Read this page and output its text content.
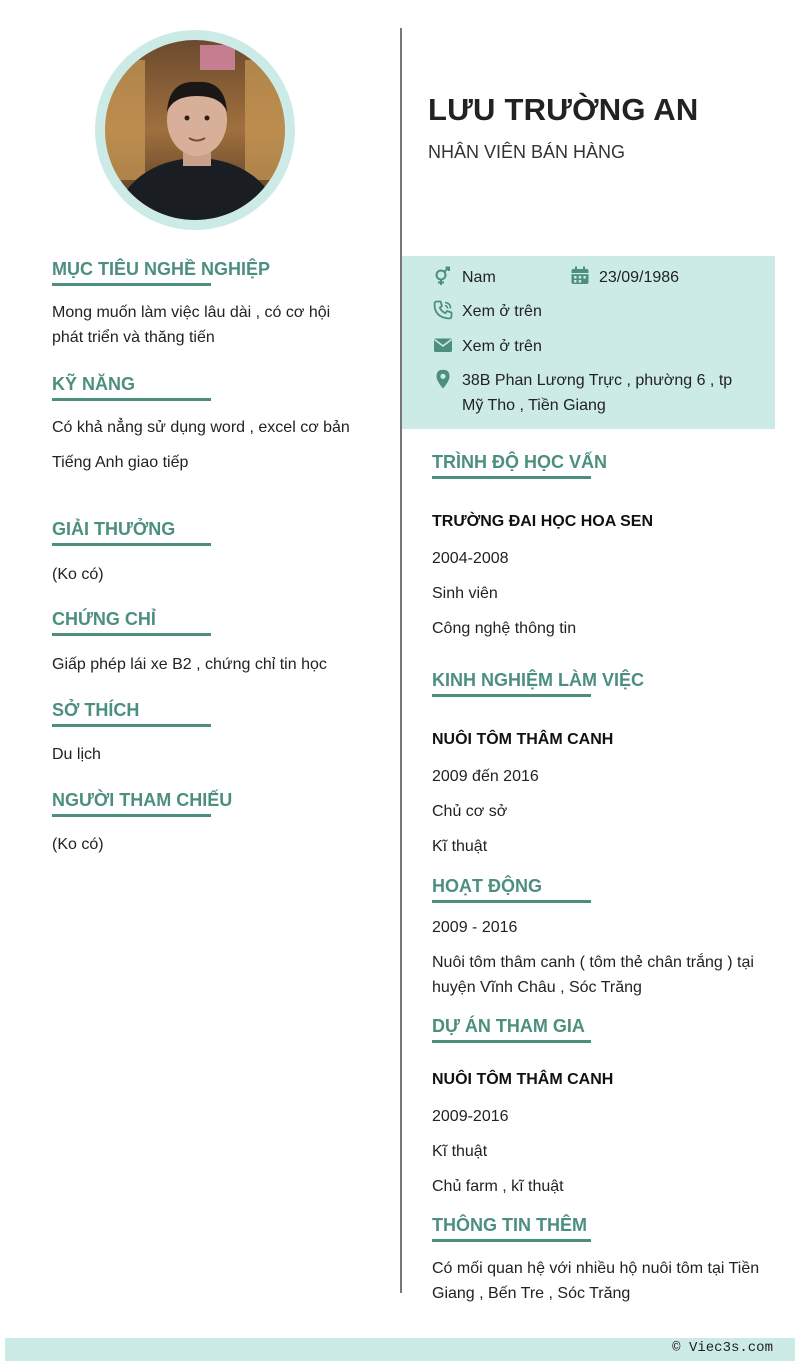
MỤC TIÊU NGHỀ NGHIỆP
Mong muốn làm việc lâu dài , có cơ hội phát triển và thăng tiến
KỸ NĂNG
Có khả nẳng sử dụng word , excel cơ bản
Tiếng Anh giao tiếp
GIẢI THƯỞNG
(Ko có)
CHỨNG CHỈ
Giấp phép lái xe B2 , chứng chỉ tin học
SỞ THÍCH
Du lịch
NGƯỜI THAM CHIẾU
(Ko có)
LƯU TRƯỜNG AN
NHÂN VIÊN BÁN HÀNG
Nam	23/09/1986
Xem ở trên
Xem ở trên
38B Phan Lương Trực , phường 6 , tp Mỹ Tho , Tiền Giang
TRÌNH ĐỘ HỌC VẤN
TRƯỜNG ĐAI HỌC HOA SEN
2004-2008
Sinh viên
Công nghệ thông tin
KINH NGHIỆM LÀM VIỆC
NUÔI TÔM THÂM CANH
2009 đến 2016
Chủ cơ sở
Kĩ thuật
HOẠT ĐỘNG
2009 - 2016
Nuôi tôm thâm canh ( tôm thẻ chân trắng ) tại huyện Vĩnh Châu , Sóc Trăng
DỰ ÁN THAM GIA
NUÔI TÔM THÂM CANH
2009-2016
Kĩ thuật
Chủ farm , kĩ thuật
THÔNG TIN THÊM
Có mối quan hệ với nhiều hộ nuôi tôm tại Tiền Giang , Bến Tre , Sóc Trăng
© Viec3s.com
